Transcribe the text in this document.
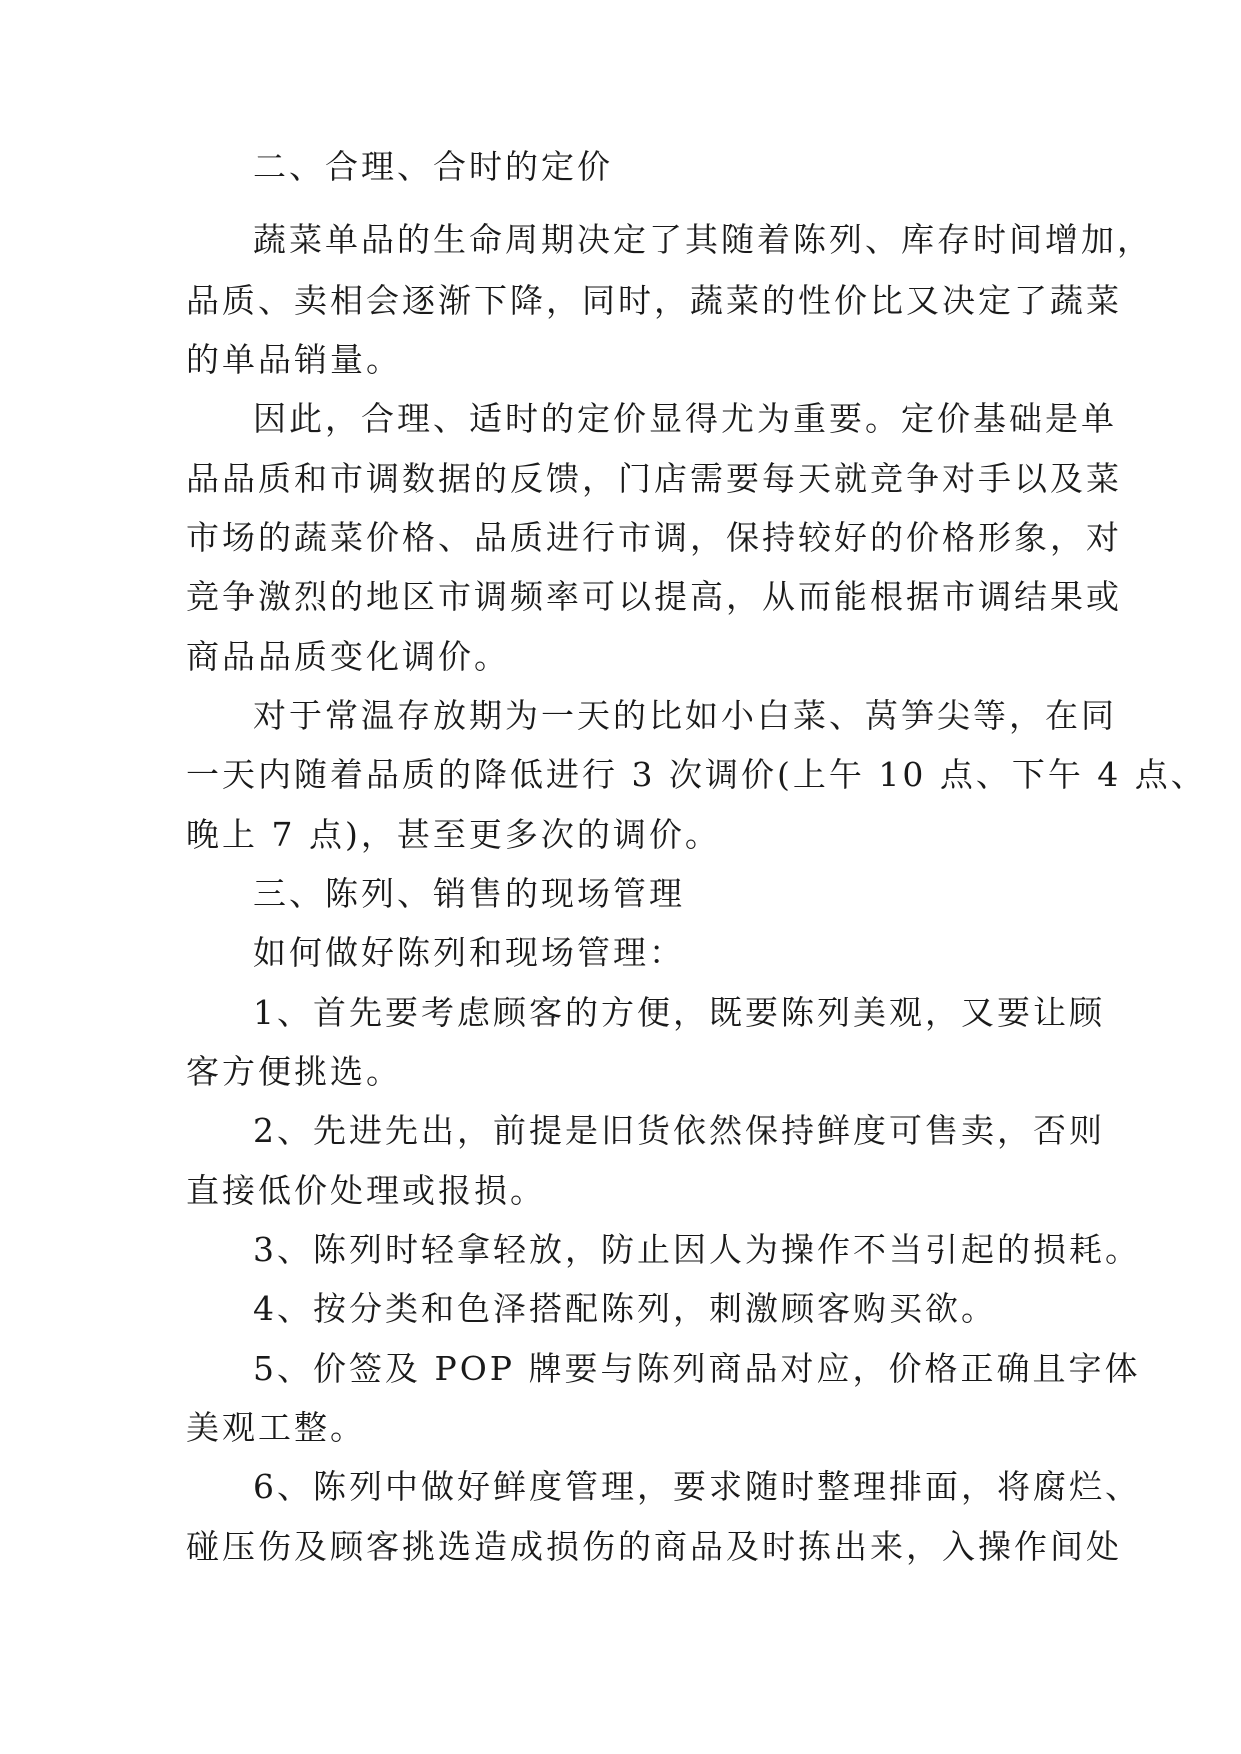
二、合理、合时的定价
蔬菜单品的生命周期决定了其随着陈列、库存时间增加，
品质、卖相会逐渐下降，同时，蔬菜的性价比又决定了蔬菜
的单品销量。
因此，合理、适时的定价显得尤为重要。定价基础是单
品品质和市调数据的反馈，门店需要每天就竞争对手以及菜
市场的蔬菜价格、品质进行市调，保持较好的价格形象，对
竞争激烈的地区市调频率可以提高，从而能根据市调结果或
商品品质变化调价。
对于常温存放期为一天的比如小白菜、莴笋尖等，在同
一天内随着品质的降低进行 3 次调价(上午 10 点、下午 4 点、
晚上 7 点)，甚至更多次的调价。
三、陈列、销售的现场管理
如何做好陈列和现场管理：
1、首先要考虑顾客的方便，既要陈列美观，又要让顾
客方便挑选。
2、先进先出，前提是旧货依然保持鲜度可售卖，否则
直接低价处理或报损。
3、陈列时轻拿轻放，防止因人为操作不当引起的损耗。
4、按分类和色泽搭配陈列，刺激顾客购买欲。
5、价签及 POP 牌要与陈列商品对应，价格正确且字体
美观工整。
6、陈列中做好鲜度管理，要求随时整理排面，将腐烂、
碰压伤及顾客挑选造成损伤的商品及时拣出来，入操作间处
